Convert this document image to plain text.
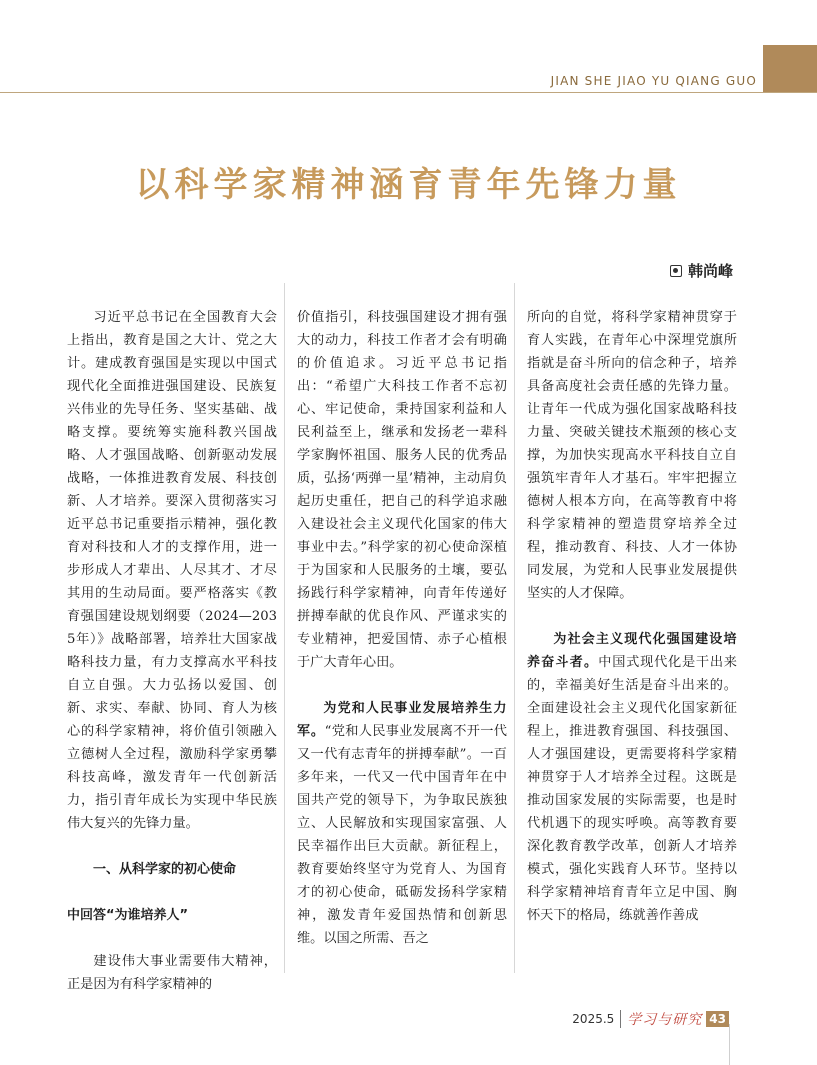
JIAN SHE JIAO YU QIANG GUO
以科学家精神涵育青年先锋力量
韩尚峰

习近平总书记在全国教育大会上指出，教育是国之大计、党之大计。建成教育强国是实现以中国式现代化全面推进强国建设、民族复兴伟业的先导任务、坚实基础、战略支撑。要统筹实施科教兴国战略、人才强国战略、创新驱动发展战略，一体推进教育发展、科技创新、人才培养。要深入贯彻落实习近平总书记重要指示精神，强化教育对科技和人才的支撑作用，进一步形成人才辈出、人尽其才、才尽其用的生动局面。要严格落实《教育强国建设规划纲要（2024—2035年）》战略部署，培养壮大国家战略科技力量，有力支撑高水平科技自立自强。大力弘扬以爱国、创新、求实、奉献、协同、育人为核心的科学家精神，将价值引领融入立德树人全过程，激励科学家勇攀科技高峰，激发青年一代创新活力，指引青年成长为实现中华民族伟大复兴的先锋力量。

一、从科学家的初心使命

中回答“为谁培养人”

建设伟大事业需要伟大精神，正是因为有科学家精神的

价值指引，科技强国建设才拥有强大的动力，科技工作者才会有明确的价值追求。习近平总书记指出：“希望广大科技工作者不忘初心、牢记使命，秉持国家利益和人民利益至上，继承和发扬老一辈科学家胸怀祖国、服务人民的优秀品质，弘扬‘两弹一星’精神，主动肩负起历史重任，把自己的科学追求融入建设社会主义现代化国家的伟大事业中去。”科学家的初心使命深植于为国家和人民服务的土壤，要弘扬践行科学家精神，向青年传递好拼搏奉献的优良作风、严谨求实的专业精神，把爱国情、赤子心植根于广大青年心田。

为党和人民事业发展培养生力军。“党和人民事业发展离不开一代又一代有志青年的拼搏奉献”。一百多年来，一代又一代中国青年在中国共产党的领导下，为争取民族独立、人民解放和实现国家富强、人民幸福作出巨大贡献。新征程上，教育要始终坚守为党育人、为国育才的初心使命，砥砺发扬科学家精神，激发青年爱国热情和创新思维。以国之所需、吾之

所向的自觉，将科学家精神贯穿于育人实践，在青年心中深埋党旗所指就是奋斗所向的信念种子，培养具备高度社会责任感的先锋力量。让青年一代成为强化国家战略科技力量、突破关键技术瓶颈的核心支撑，为加快实现高水平科技自立自强筑牢青年人才基石。牢牢把握立德树人根本方向，在高等教育中将科学家精神的塑造贯穿培养全过程，推动教育、科技、人才一体协同发展，为党和人民事业发展提供坚实的人才保障。

为社会主义现代化强国建设培养奋斗者。中国式现代化是干出来的，幸福美好生活是奋斗出来的。全面建设社会主义现代化国家新征程上，推进教育强国、科技强国、人才强国建设，更需要将科学家精神贯穿于人才培养全过程。这既是推动国家发展的实际需要，也是时代机遇下的现实呼唤。高等教育要深化教育教学改革，创新人才培养模式，强化实践育人环节。坚持以科学家精神培育青年立足中国、胸怀天下的格局，练就善作善成

2025.5 学习与研究 43
